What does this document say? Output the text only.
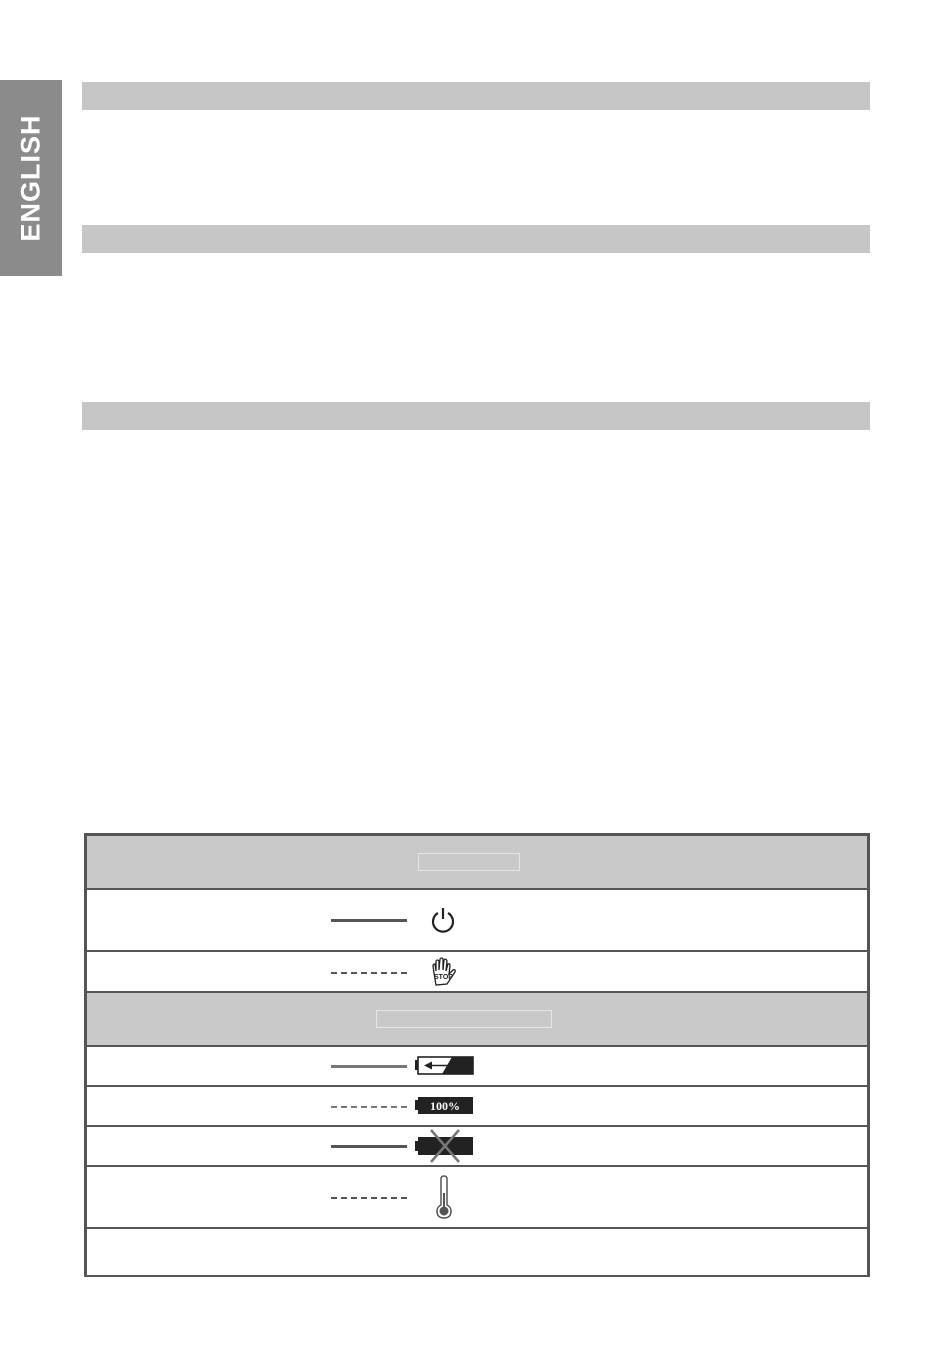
ENGLISH
STOP
100%
